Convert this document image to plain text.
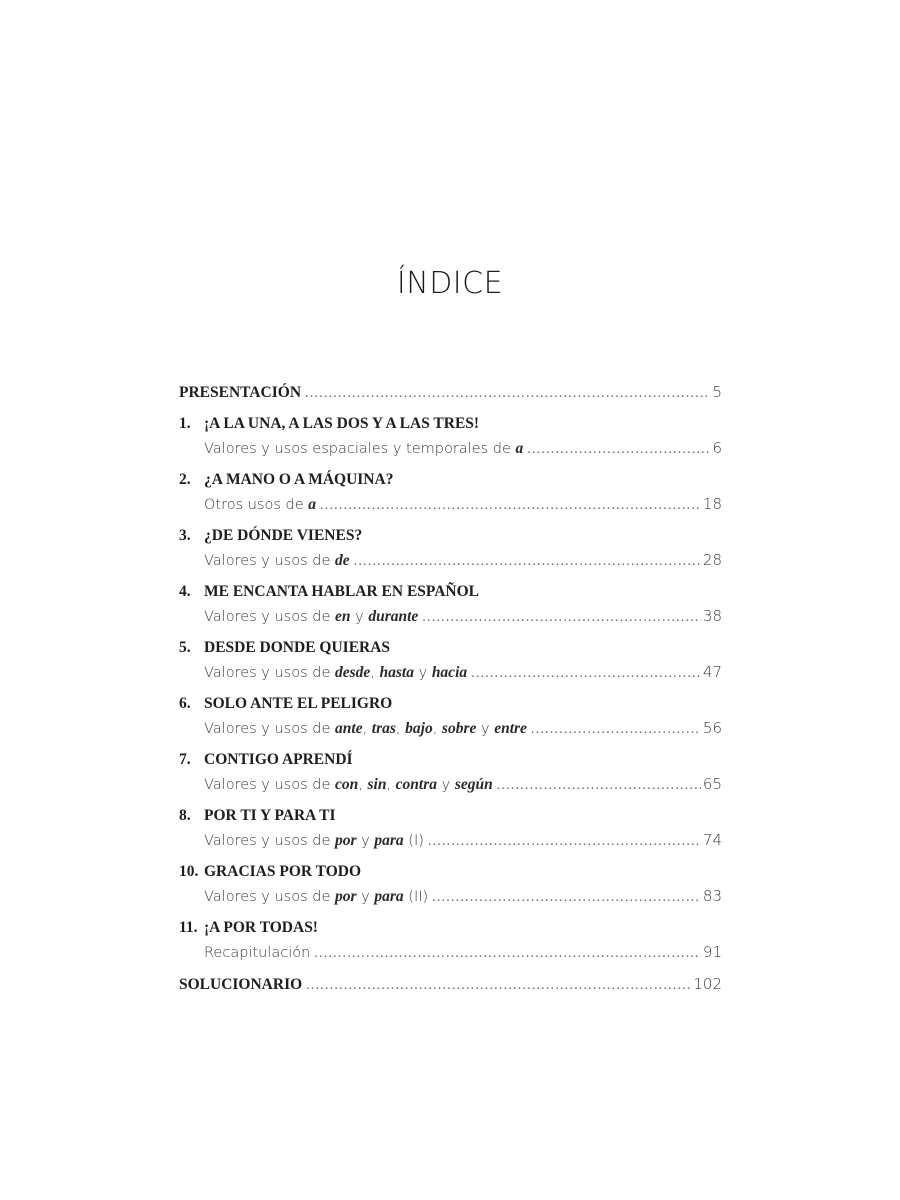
ÍNDICE
PRESENTACIÓN .....	5
1. ¡A LA UNA, A LAS DOS Y A LAS TRES!
Valores y usos espaciales y temporales de a .....	6
2. ¿A MANO O A MÁQUINA?
Otros usos de a .....	18
3. ¿DE DÓNDE VIENES?
Valores y usos de de .....	28
4. ME ENCANTA HABLAR EN ESPAÑOL
Valores y usos de en y durante .....	38
5. DESDE DONDE QUIERAS
Valores y usos de desde, hasta y hacia .....	47
6. SOLO ANTE EL PELIGRO
Valores y usos de ante, tras, bajo, sobre y entre .....	56
7. CONTIGO APRENDÍ
Valores y usos de con, sin, contra y según .....	65
8. POR TI Y PARA TI
Valores y usos de por y para (I) .....	74
10. GRACIAS POR TODO
Valores y usos de por y para (II) .....	83
11. ¡A POR TODAS!
Recapitulación .....	91
SOLUCIONARIO .....	102
